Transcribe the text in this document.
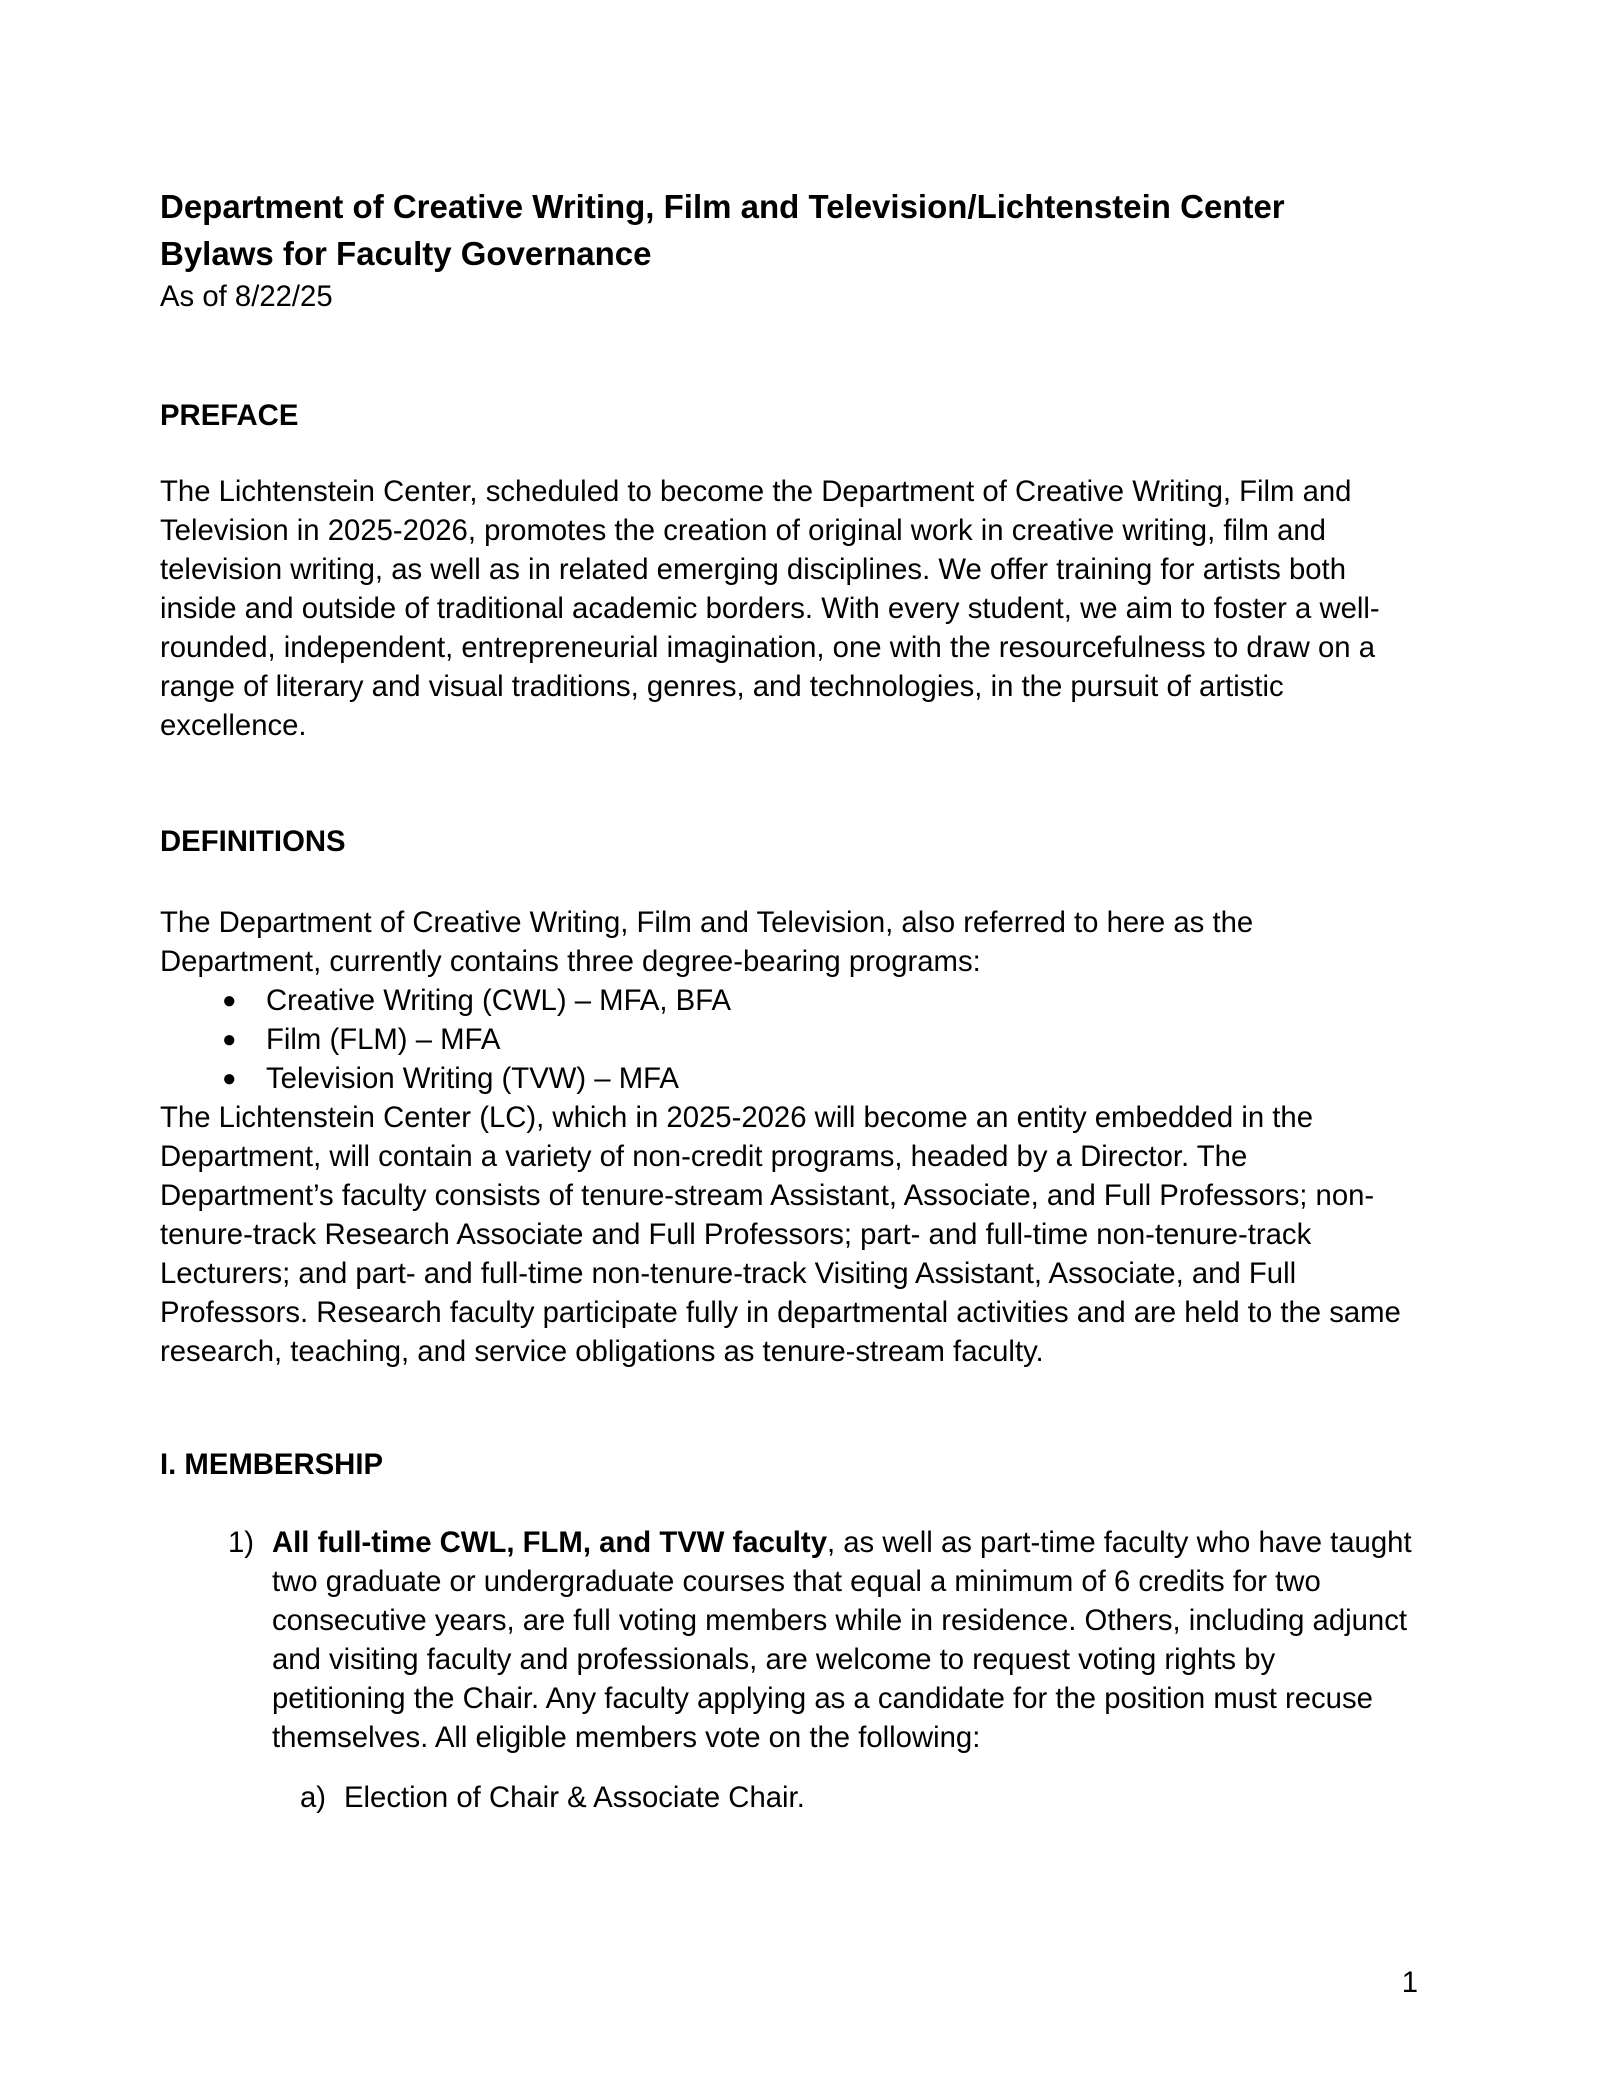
Department of Creative Writing, Film and Television/Lichtenstein Center
Bylaws for Faculty Governance

As of 8/22/25

PREFACE

The Lichtenstein Center, scheduled to become the Department of Creative Writing, Film and Television in 2025-2026, promotes the creation of original work in creative writing, film and television writing, as well as in related emerging disciplines. We offer training for artists both inside and outside of traditional academic borders. With every student, we aim to foster a well-rounded, independent, entrepreneurial imagination, one with the resourcefulness to draw on a range of literary and visual traditions, genres, and technologies, in the pursuit of artistic excellence.

DEFINITIONS

The Department of Creative Writing, Film and Television, also referred to here as the Department, currently contains three degree-bearing programs:

●	Creative Writing (CWL) – MFA, BFA
●	Film (FLM) – MFA
●	Television Writing (TVW) – MFA

The Lichtenstein Center (LC), which in 2025-2026 will become an entity embedded in the Department, will contain a variety of non-credit programs, headed by a Director. The Department’s faculty consists of tenure-stream Assistant, Associate, and Full Professors; non-tenure-track Research Associate and Full Professors; part- and full-time non-tenure-track Lecturers; and part- and full-time non-tenure-track Visiting Assistant, Associate, and Full Professors. Research faculty participate fully in departmental activities and are held to the same research, teaching, and service obligations as tenure-stream faculty.

I. MEMBERSHIP
1) All full-time CWL, FLM, and TVW faculty, as well as part-time faculty who have taught two graduate or undergraduate courses that equal a minimum of 6 credits for two consecutive years, are full voting members while in residence. Others, including adjunct and visiting faculty and professionals, are welcome to request voting rights by petitioning the Chair. Any faculty applying as a candidate for the position must recuse themselves. All eligible members vote on the following:
a) Election of Chair & Associate Chair.
1
